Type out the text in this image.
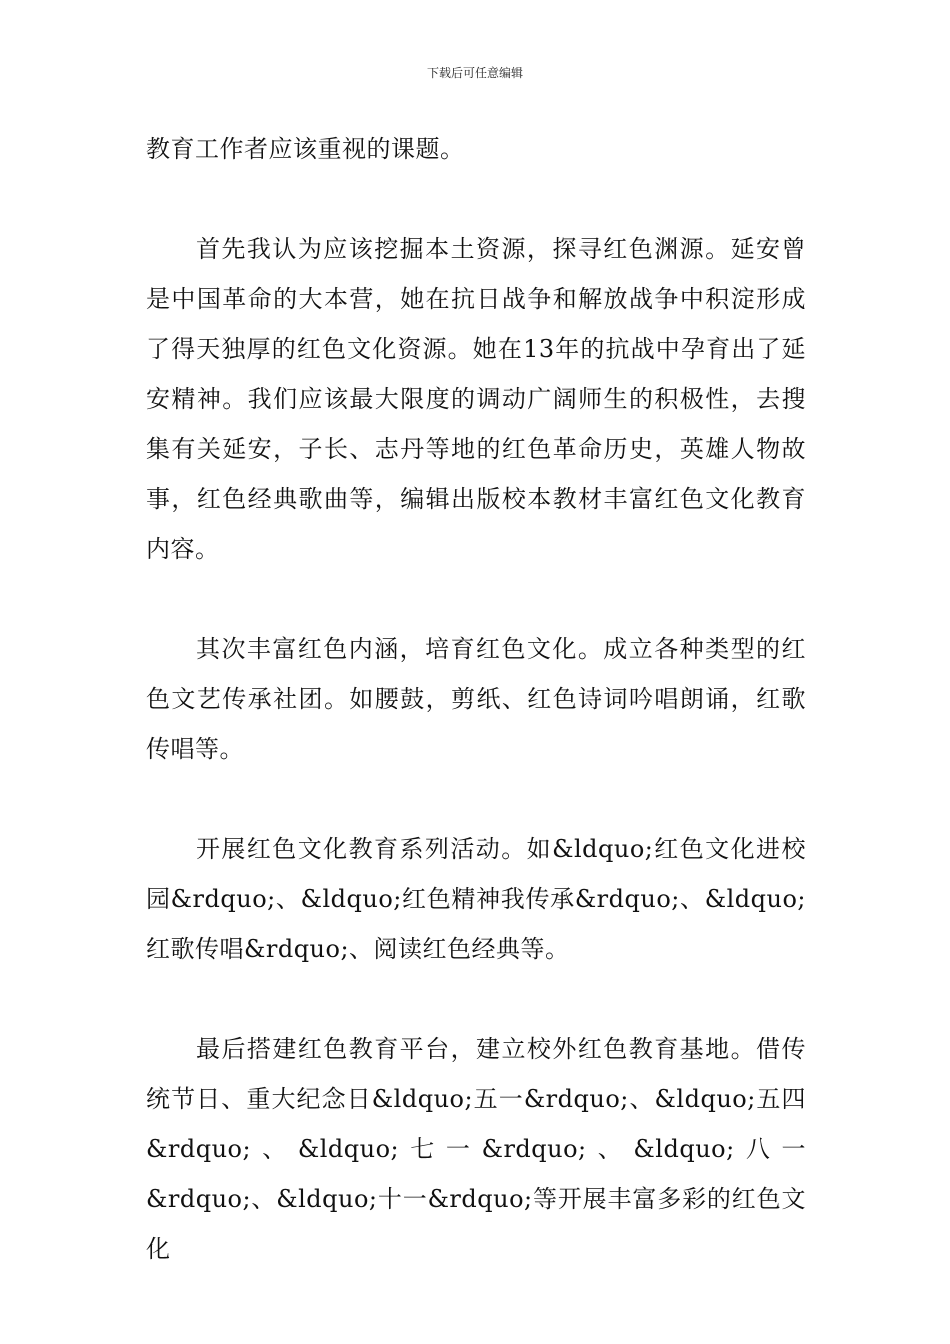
下载后可任意编辑

教育工作者应该重视的课题。

首先我认为应该挖掘本土资源，探寻红色渊源。延安曾是中国革命的大本营，她在抗日战争和解放战争中积淀形成了得天独厚的红色文化资源。她在13年的抗战中孕育出了延安精神。我们应该最大限度的调动广阔师生的积极性，去搜集有关延安，子长、志丹等地的红色革命历史，英雄人物故事，红色经典歌曲等，编辑出版校本教材丰富红色文化教育内容。

其次丰富红色内涵，培育红色文化。成立各种类型的红色文艺传承社团。如腰鼓，剪纸、红色诗词吟唱朗诵，红歌传唱等。

开展红色文化教育系列活动。如&ldquo;红色文化进校园&rdquo;、&ldquo;红色精神我传承&rdquo;、&ldquo;红歌传唱&rdquo;、阅读红色经典等。

最后搭建红色教育平台，建立校外红色教育基地。借传统节日、重大纪念日&ldquo;五一&rdquo;、&ldquo;五四&rdquo;、&ldquo;七一&rdquo;、&ldquo;八一&rdquo;、&ldquo;十一&rdquo;等开展丰富多彩的红色文化
